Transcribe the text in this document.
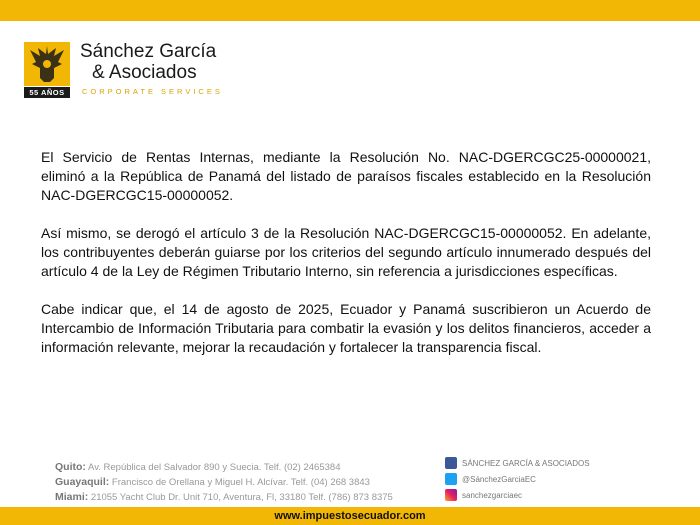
55 AÑOS
Sánchez García
& Asociados
CORPORATE SERVICES

El Servicio de Rentas Internas, mediante la Resolución No. NAC-DGERCGC25-00000021, eliminó a la República de Panamá del listado de paraísos fiscales establecido en la Resolución NAC-DGERCGC15-00000052.

Así mismo, se derogó el artículo 3 de la Resolución NAC-DGERCGC15-00000052. En adelante, los contribuyentes deberán guiarse por los criterios del segundo artículo innumerado después del artículo 4 de la Ley de Régimen Tributario Interno, sin referencia a jurisdicciones específicas.

Cabe indicar que, el 14 de agosto de 2025, Ecuador y Panamá suscribieron un Acuerdo de Intercambio de Información Tributaria para combatir la evasión y los delitos financieros, acceder a información relevante, mejorar la recaudación y fortalecer la transparencia fiscal.

Quito: Av. República del Salvador 890 y Suecia. Telf. (02) 2465384
Guayaquil: Francisco de Orellana y Miguel H. Alcívar. Telf. (04) 268 3843
Miami: 21055 Yacht Club Dr. Unit 710, Aventura, Fl, 33180 Telf. (786) 873 8375
SÁNCHEZ GARCÍA & ASOCIADOS
@SánchezGarciaEC
sanchezgarciaec
www.impuestosecuador.com
